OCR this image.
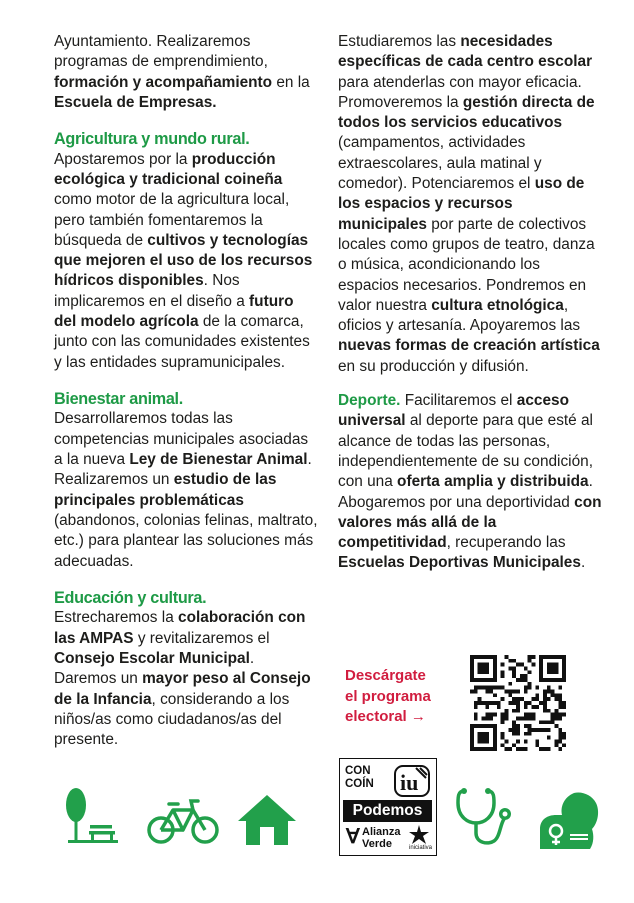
Ayuntamiento. Realizaremos programas de emprendimiento, formación y acompañamiento en la Escuela de Empresas.

Agricultura y mundo rural.

Apostaremos por la producción ecológica y tradicional coineña como motor de la agricultura local, pero también fomentaremos la búsqueda de cultivos y tecnologías que mejoren el uso de los recursos hídricos disponibles. Nos implicaremos en el diseño a futuro del modelo agrícola de la comarca, junto con las comunidades existentes y las entidades supramunicipales.

Bienestar animal.

Desarrollaremos todas las competencias municipales asociadas a la nueva Ley de Bienestar Animal. Realizaremos un estudio de las principales problemáticas (abandonos, colonias felinas, maltrato, etc.) para plantear las soluciones más adecuadas.

Educación y cultura.

Estrecharemos la colaboración con las AMPAS y revitalizaremos el Consejo Escolar Municipal. Daremos un mayor peso al Consejo de la Infancia, considerando a los niños/as como ciudadanos/as del presente.

Estudiaremos las necesidades específicas de cada centro escolar para atenderlas con mayor eficacia. Promoveremos la gestión directa de todos los servicios educativos (campamentos, actividades extraescolares, aula matinal y comedor). Potenciaremos el uso de los espacios y recursos municipales por parte de colectivos locales como grupos de teatro, danza o música, acondicionando los espacios necesarios. Pondremos en valor nuestra cultura etnológica, oficios y artesanía. Apoyaremos las nuevas formas de creación artística en su producción y difusión.

Deporte. Facilitaremos el acceso universal al deporte para que esté al alcance de todas las personas, independientemente de su condición, con una oferta amplia y distribuida. Abogaremos por una deportividad con valores más allá de la competitividad, recuperando las Escuelas Deportivas Municipales.

Descárgate
el programa
electoral →
CON
COÍN iu
Podemos
∀ Alianza
Verde	iniciativa
